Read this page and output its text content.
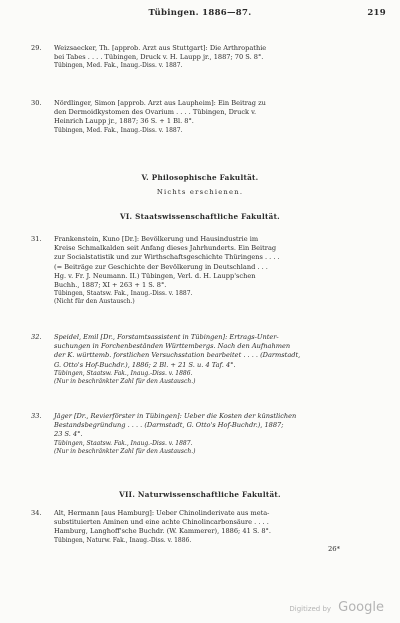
Tübingen. 1886—87.	219
29.	Weizsaecker, Th. [approb. Arzt aus Stuttgart]: Die Arthropathie

bei Tabes . . . . Tübingen, Druck v. H. Laupp jr., 1887; 70 S. 8°.

Tübingen, Med. Fak., Inaug.-Diss. v. 1887.

30.	Nördlinger, Simon [approb. Arzt aus Laupheim]: Ein Beitrag zu

den Dermoidkystomen des Ovarium . . . . Tübingen, Druck v.

Heinrich Laupp jr., 1887; 36 S. + 1 Bl. 8°.

Tübingen, Med. Fak., Inaug.-Diss. v. 1887.

V. Philosophische Fakultät.
Nichts erschienen.
VI. Staatswissenschaftliche Fakultät.
31.	Frankenstein, Kuno [Dr.]: Bevölkerung und Hausindustrie im

Kreise Schmalkalden seit Anfang dieses Jahrhunderts. Ein Beitrag

zur Socialstatistik und zur Wirthschaftsgeschichte Thüringens . . . .

(= Beiträge zur Geschichte der Bevölkerung in Deutschland . . .

Hg. v. Fr. J. Neumann. II.) Tübingen, Verl. d. H. Laupp'schen

Buchh., 1887; XI + 263 + 1 S. 8°.

Tübingen, Staatsw. Fak., Inaug.-Diss. v. 1887.

(Nicht für den Austausch.)

32.	Speidel, Emil [Dr., Forstamtsassistent in Tübingen]: Ertrags-Unter-

suchungen in Forchenbeständen Württembergs. Nach den Aufnahmen

der K. württemb. forstlichen Versuchsstation bearbeitet . . . . (Darmstadt,

G. Otto's Hof-Buchdr.), 1886; 2 Bl. + 21 S. u. 4 Taf. 4°.

Tübingen, Staatsw. Fak., Inaug.-Diss. v. 1886.

(Nur in beschränkter Zahl für den Austausch.)

33.	Jäger [Dr., Revierförster in Tübingen]: Ueber die Kosten der künstlichen

Bestandsbegründung . . . . (Darmstadt, G. Otto's Hof-Buchdr.), 1887;

23 S. 4°.

Tübingen, Staatsw. Fak., Inaug.-Diss. v. 1887.

(Nur in beschränkter Zahl für den Austausch.)

VII. Naturwissenschaftliche Fakultät.
34.	Alt, Hermann [aus Hamburg]: Ueber Chinolinderivate aus meta-

substituierten Aminen und eine achte Chinolincarbonsäure . . . .

Hamburg, Langhoff'sche Buchdr. (W. Kammerer), 1886; 41 S. 8°.

Tübingen, Naturw. Fak., Inaug.-Diss. v. 1886.

26*
Digitized by Google
